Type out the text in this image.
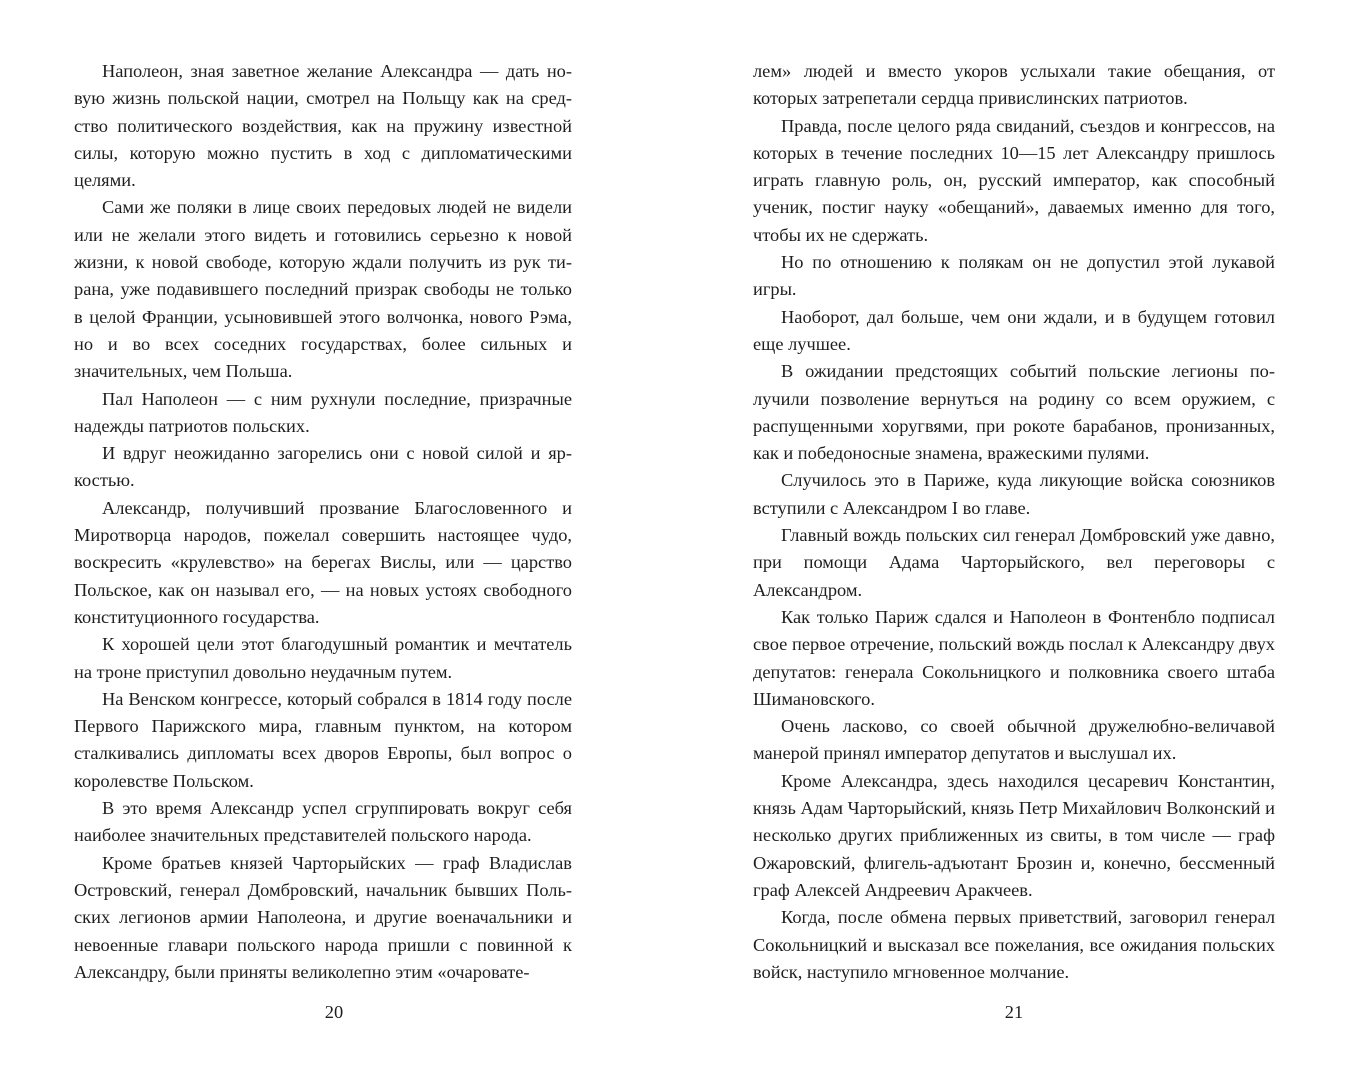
Наполеон, зная заветное желание Александра — дать новую жизнь польской нации, смотрел на Польщу как на средство политического воздействия, как на пружину известной силы, которую можно пустить в ход с дипломатическими целями.

Сами же поляки в лице своих передовых людей не видели или не желали этого видеть и готовились серьезно к новой жизни, к новой свободе, которую ждали получить из рук тирана, уже подавившего последний призрак свободы не только в целой Франции, усыновившей этого волчонка, нового Рэма, но и во всех соседних государствах, более сильных и значительных, чем Польша.

Пал Наполеон — с ним рухнули последние, призрачные надежды патриотов польских.

И вдруг неожиданно загорелись они с новой силой и яркостью.

Александр, получивший прозвание Благословенного и Миротворца народов, пожелал совершить настоящее чудо, воскресить «крулевство» на берегах Вислы, или — царство Польское, как он называл его, — на новых устоях свободного конституционного государства.

К хорошей цели этот благодушный романтик и мечтатель на троне приступил довольно неудачным путем.

На Венском конгрессе, который собрался в 1814 году после Первого Парижского мира, главным пунктом, на котором сталкивались дипломаты всех дворов Европы, был вопрос о королевстве Польском.

В это время Александр успел сгруппировать вокруг себя наиболее значительных представителей польского народа.

Кроме братьев князей Чарторыйских — граф Владислав Островский, генерал Домбровский, начальник бывших Польских легионов армии Наполеона, и другие военачальники и невоенные главари польского народа пришли с повинной к Александру, были приняты великолепно этим «очаровате-

20

лем» людей и вместо укоров услыхали такие обещания, от которых затрепетали сердца привислинских патриотов.

Правда, после целого ряда свиданий, съездов и конгрессов, на которых в течение последних 10—15 лет Александру пришлось играть главную роль, он, русский император, как способный ученик, постиг науку «обещаний», даваемых именно для того, чтобы их не сдержать.

Но по отношению к полякам он не допустил этой лукавой игры.

Наоборот, дал больше, чем они ждали, и в будущем готовил еще лучшее.

В ожидании предстоящих событий польские легионы получили позволение вернуться на родину со всем оружием, с распущенными хоругвями, при рокоте барабанов, пронизанных, как и победоносные знамена, вражескими пулями.

Случилось это в Париже, куда ликующие войска союзников вступили с Александром I во главе.

Главный вождь польских сил генерал Домбровский уже давно, при помощи Адама Чарторыйского, вел переговоры с Александром.

Как только Париж сдался и Наполеон в Фонтенбло подписал свое первое отречение, польский вождь послал к Александру двух депутатов: генерала Сокольницкого и полковника своего штаба Шимановского.

Очень ласково, со своей обычной дружелюбно-величавой манерой принял император депутатов и выслушал их.

Кроме Александра, здесь находился цесаревич Константин, князь Адам Чарторыйский, князь Петр Михайлович Волконский и несколько других приближенных из свиты, в том числе — граф Ожаровский, флигель-адъютант Брозин и, конечно, бессменный граф Алексей Андреевич Аракчеев.

Когда, после обмена первых приветствий, заговорил генерал Сокольницкий и высказал все пожелания, все ожидания польских войск, наступило мгновенное молчание.

21
